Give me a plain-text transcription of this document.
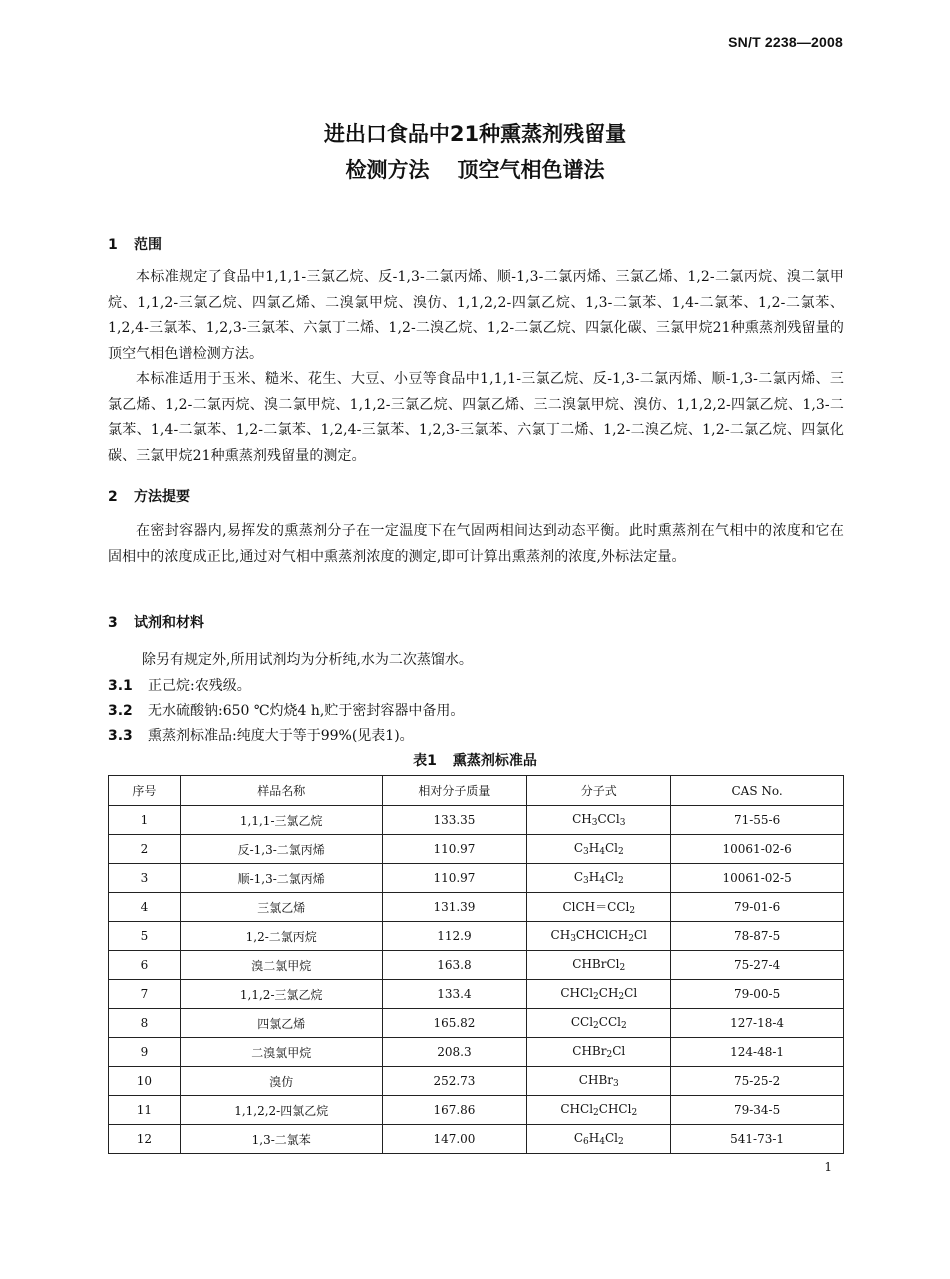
SN/T 2238—2008
进出口食品中21种熏蒸剂残留量
检测方法 顶空气相色谱法
1 范围
本标准规定了食品中1,1,1-三氯乙烷、反-1,3-二氯丙烯、顺-1,3-二氯丙烯、三氯乙烯、1,2-二氯丙烷、溴二氯甲烷、1,1,2-三氯乙烷、四氯乙烯、二溴氯甲烷、溴仿、1,1,2,2-四氯乙烷、1,3-二氯苯、1,4-二氯苯、1,2-二氯苯、1,2,4-三氯苯、1,2,3-三氯苯、六氯丁二烯、1,2-二溴乙烷、1,2-二氯乙烷、四氯化碳、三氯甲烷21种熏蒸剂残留量的顶空气相色谱检测方法。
本标准适用于玉米、糙米、花生、大豆、小豆等食品中1,1,1-三氯乙烷、反-1,3-二氯丙烯、顺-1,3-二氯丙烯、三氯乙烯、1,2-二氯丙烷、溴二氯甲烷、1,1,2-三氯乙烷、四氯乙烯、三二溴氯甲烷、溴仿、1,1,2,2-四氯乙烷、1,3-二氯苯、1,4-二氯苯、1,2-二氯苯、1,2,4-三氯苯、1,2,3-三氯苯、六氯丁二烯、1,2-二溴乙烷、1,2-二氯乙烷、四氯化碳、三氯甲烷21种熏蒸剂残留量的测定。
2 方法提要
在密封容器内,易挥发的熏蒸剂分子在一定温度下在气固两相间达到动态平衡。此时熏蒸剂在气相中的浓度和它在固相中的浓度成正比,通过对气相中熏蒸剂浓度的测定,即可计算出熏蒸剂的浓度,外标法定量。
3 试剂和材料
除另有规定外,所用试剂均为分析纯,水为二次蒸馏水。
3.1 正己烷:农残级。
3.2 无水硫酸钠:650 ℃灼烧4 h,贮于密封容器中备用。
3.3 熏蒸剂标准品:纯度大于等于99%(见表1)。
表1 熏蒸剂标准品
序号	样品名称	相对分子质量	分子式	CAS No.
1	1,1,1-三氯乙烷	133.35	$CH_3CCl_3$	71-55-6
2	反-1,3-二氯丙烯	110.97	$C_3H_4Cl_2$	10061-02-6
3	顺-1,3-二氯丙烯	110.97	$C_3H_4Cl_2$	10061-02-5
4	三氯乙烯	131.39	ClCH＝CCl$_2$	79-01-6
5	1,2-二氯丙烷	112.9	$CH_3CHClCH_2Cl$	78-87-5
6	溴二氯甲烷	163.8	CHBrCl$_2$	75-27-4
7	1,1,2-三氯乙烷	133.4	$CHCl_2CH_2Cl$	79-00-5
8	四氯乙烯	165.82	CCl$_2$CCl$_2$	127-18-4
9	二溴氯甲烷	208.3	CHBr$_2$Cl	124-48-1
10	溴仿	252.73	CHBr$_3$	75-25-2
11	1,1,2,2-四氯乙烷	167.86	CHCl$_2$CHCl$_2$	79-34-5
12	1,3-二氯苯	147.00	$C_6H_4Cl_2$	541-73-1
1
